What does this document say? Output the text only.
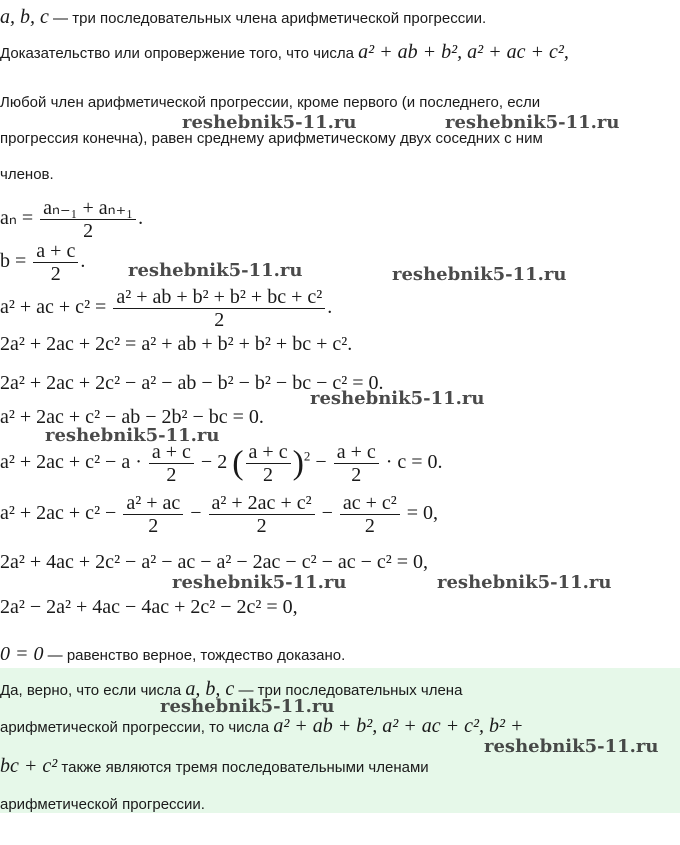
a, b, c — три последовательных члена арифметической прогрессии.
Доказательство или опровержение того, что числа a² + ab + b², a² + ac + c²,
Любой член арифметической прогрессии, кроме первого (и последнего, если
прогрессия конечна), равен среднему арифметическому двух соседних с ним
членов.
$a_n = \frac{\text{aₙ₋₁ + aₙ₊₁}}{2}$ .
$b = \frac{a + c}{2}$ .
a² + ac + $c^2 = \frac{\text{a² + ab + b² + b² + bc + c²}}{2}$ .
2a² + 2ac + 2c² = a² + ab + b² + b² + bc + c².
2a² + 2ac + 2c² − a² − ab − b² − b² − bc − c² = 0.
a² + 2ac + c² − ab − 2b² − bc = 0.
$a^2 + 2ac + c^2 - a \cdot \frac{a + c}{2} - 2$ ( $\frac{a + c}{2} )^2 - \frac{a + c}{2} \cdot c = 0$.
$a^2 + 2ac + c^2 - \frac{\text{a² + ac}}{2} - \frac{\text{a² + 2ac + c²}}{2} - \frac{\text{ac + c²}}{2} = 0$,
2a² + 4ac + 2c² − a² − ac − a² − 2ac − c² − ac − c² = 0,
2a² − 2a² + 4ac − 4ac + 2c² − 2c² = 0,
0 = 0 — равенство верное, тождество доказано.
Да, верно, что если числа a, b, c — три последовательных члена
арифметической прогрессии, то числа a² + ab + b², a² + ac + c², b² +
bc + c² также являются тремя последовательными членами
арифметической прогрессии.
reshebnik5-11.ru	reshebnik5-11.ru
reshebnik5-11.ru	reshebnik5-11.ru
reshebnik5-11.ru
reshebnik5-11.ru
reshebnik5-11.ru	reshebnik5-11.ru
reshebnik5-11.ru
reshebnik5-11.ru
